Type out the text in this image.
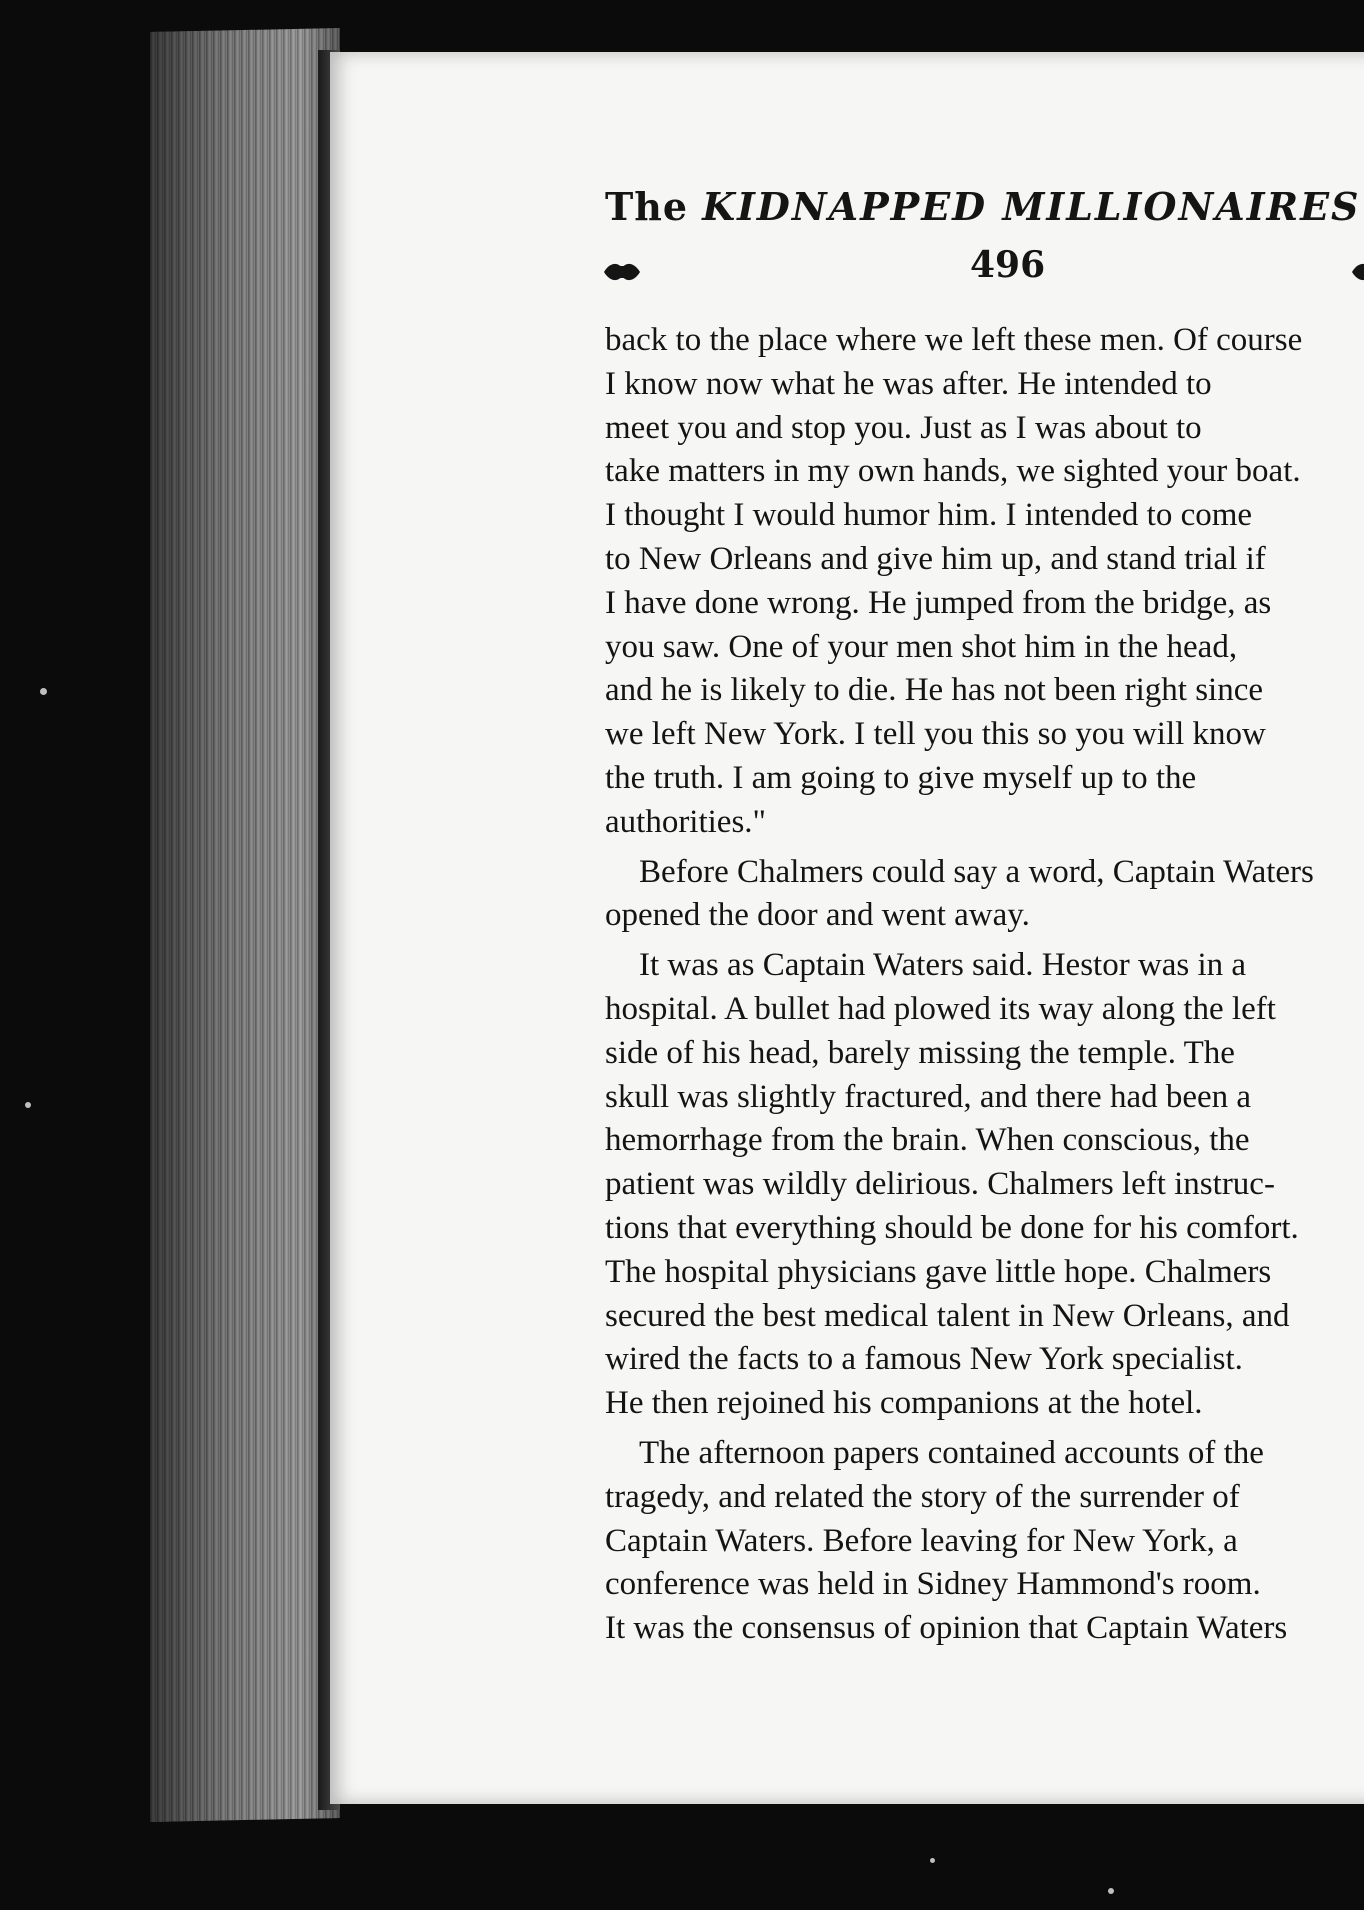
The KIDNAPPED MILLIONAIRES
496
back to the place where we left these men. Of course
I know now what he was after. He intended to
meet you and stop you. Just as I was about to
take matters in my own hands, we sighted your boat.
I thought I would humor him. I intended to come
to New Orleans and give him up, and stand trial if
I have done wrong. He jumped from the bridge, as
you saw. One of your men shot him in the head,
and he is likely to die. He has not been right since
we left New York. I tell you this so you will know
the truth. I am going to give myself up to the
authorities."
Before Chalmers could say a word, Captain Waters
opened the door and went away.
It was as Captain Waters said. Hestor was in a
hospital. A bullet had plowed its way along the left
side of his head, barely missing the temple. The
skull was slightly fractured, and there had been a
hemorrhage from the brain. When conscious, the
patient was wildly delirious. Chalmers left instruc-
tions that everything should be done for his comfort.
The hospital physicians gave little hope. Chalmers
secured the best medical talent in New Orleans, and
wired the facts to a famous New York specialist.
He then rejoined his companions at the hotel.
The afternoon papers contained accounts of the
tragedy, and related the story of the surrender of
Captain Waters. Before leaving for New York, a
conference was held in Sidney Hammond's room.
It was the consensus of opinion that Captain Waters
